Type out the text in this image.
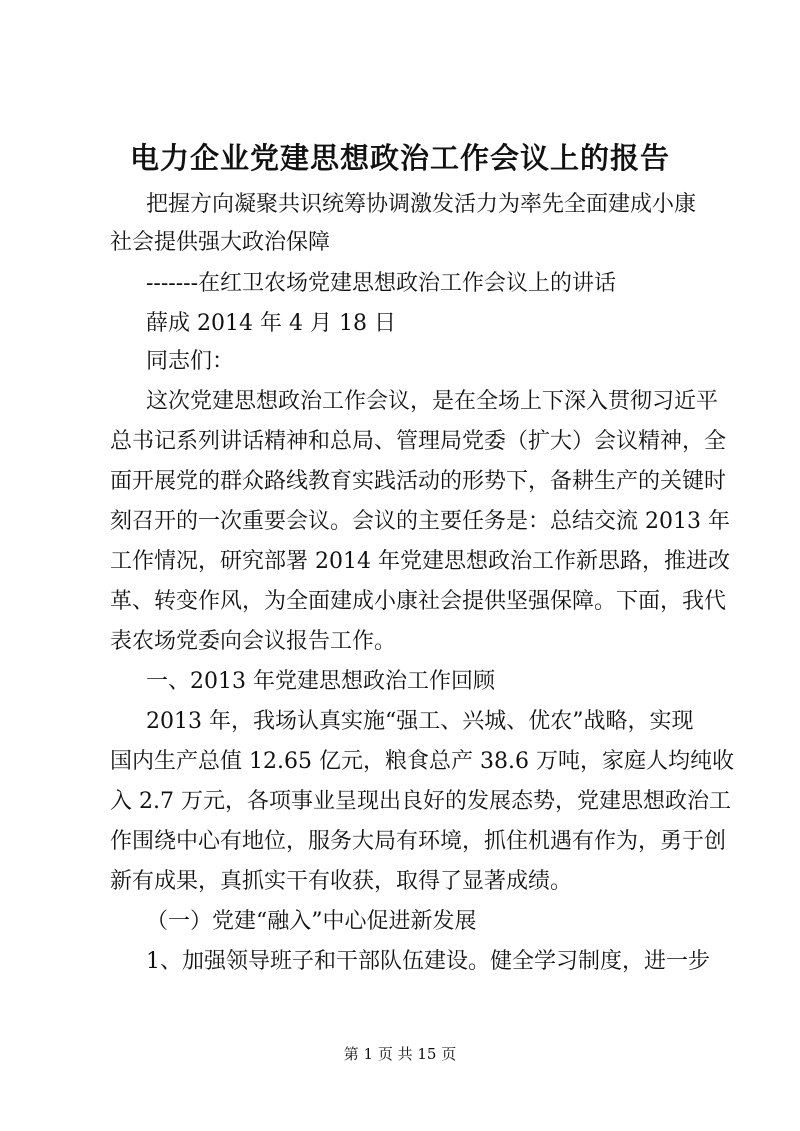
电力企业党建思想政治工作会议上的报告

把握方向凝聚共识统筹协调激发活力为率先全面建成小康

社会提供强大政治保障

-------在红卫农场党建思想政治工作会议上的讲话

薛成 2014 年 4 月 18 日

同志们：

这次党建思想政治工作会议，是在全场上下深入贯彻习近平

总书记系列讲话精神和总局、管理局党委（扩大）会议精神，全

面开展党的群众路线教育实践活动的形势下，备耕生产的关键时

刻召开的一次重要会议。会议的主要任务是：总结交流 2013 年

工作情况，研究部署 2014 年党建思想政治工作新思路，推进改

革、转变作风，为全面建成小康社会提供坚强保障。下面，我代

表农场党委向会议报告工作。

一、2013 年党建思想政治工作回顾

2013 年，我场认真实施“强工、兴城、优农”战略，实现

国内生产总值 12.65 亿元，粮食总产 38.6 万吨，家庭人均纯收

入 2.7 万元，各项事业呈现出良好的发展态势，党建思想政治工

作围绕中心有地位，服务大局有环境，抓住机遇有作为，勇于创

新有成果，真抓实干有收获，取得了显著成绩。

（一）党建“融入”中心促进新发展

1、加强领导班子和干部队伍建设。健全学习制度，进一步

第 1 页 共 15 页
